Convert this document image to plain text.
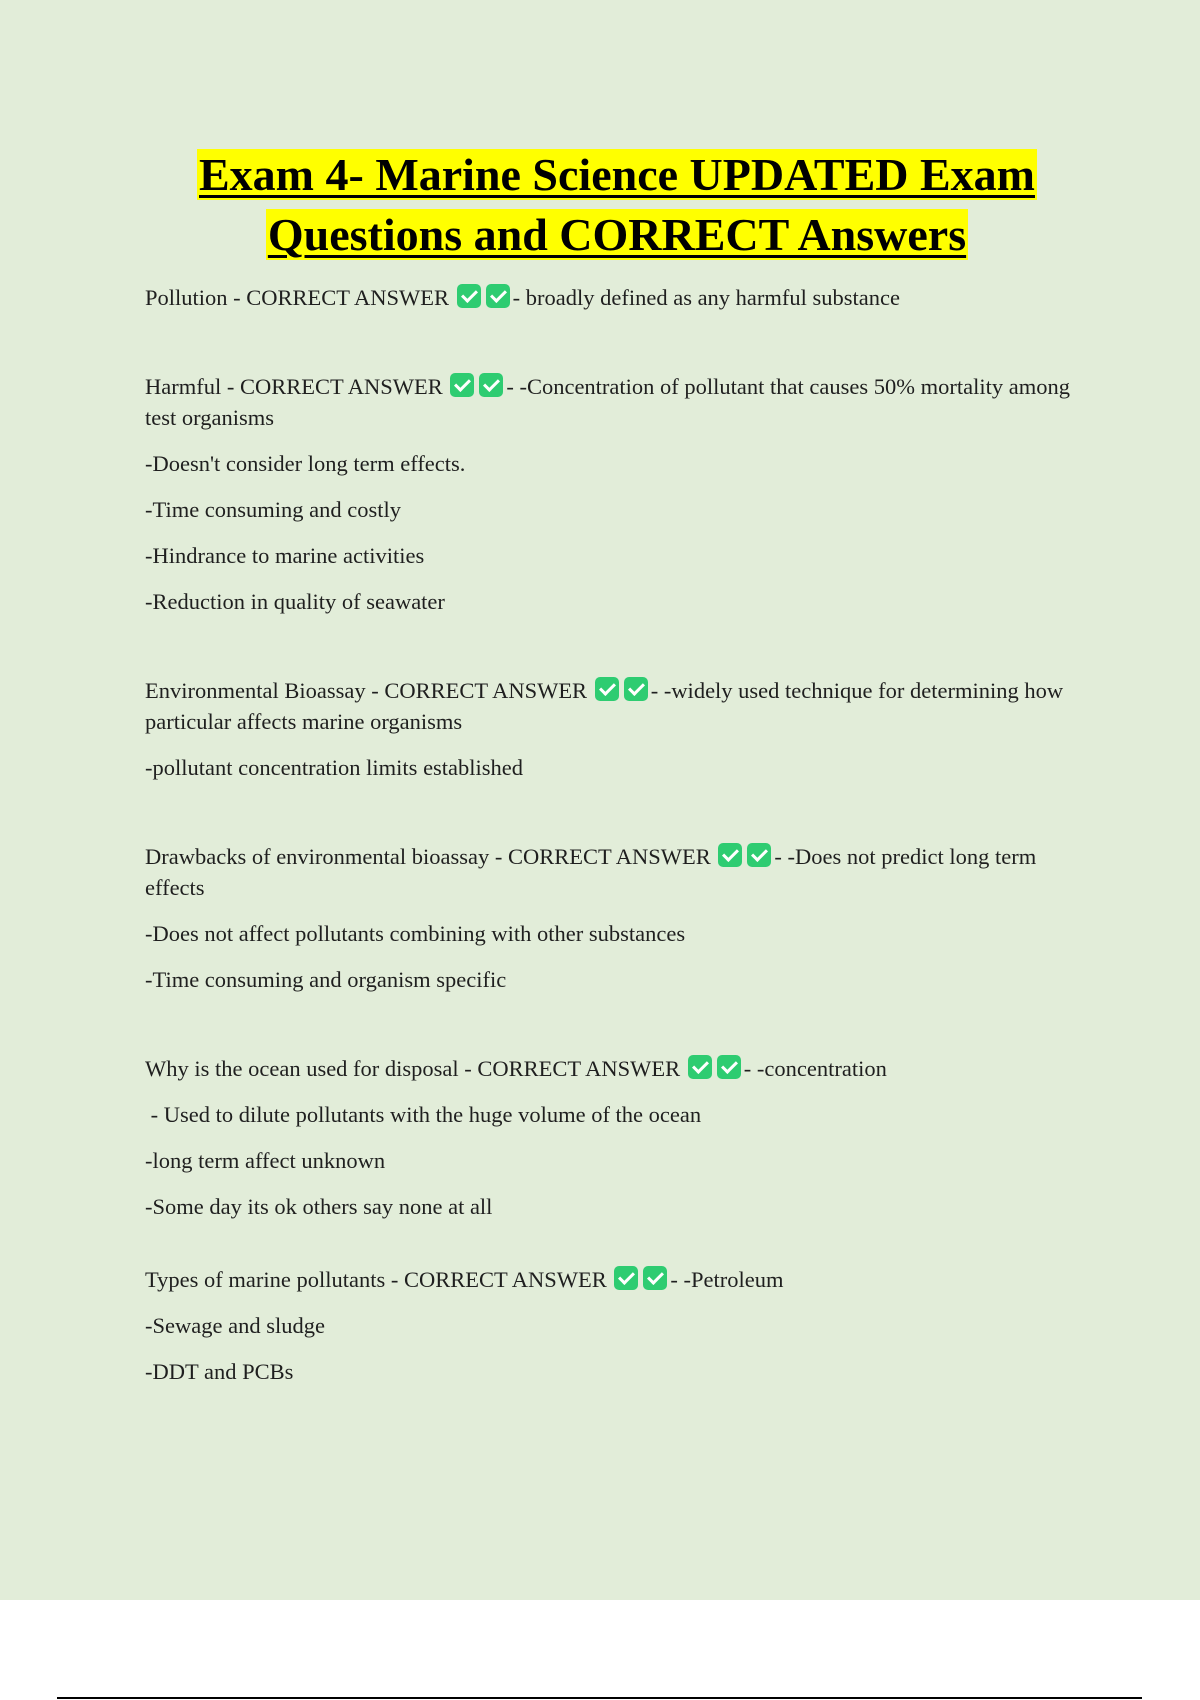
Exam 4- Marine Science UPDATED Exam
Questions and CORRECT Answers
Pollution - CORRECT ANSWER	- broadly defined as any harmful substance
Harmful - CORRECT ANSWER	- -Concentration of pollutant that causes 50% mortality among test organisms
-Doesn't consider long term effects.
-Time consuming and costly
-Hindrance to marine activities
-Reduction in quality of seawater
Environmental Bioassay - CORRECT ANSWER	- -widely used technique for determining how particular affects marine organisms
-pollutant concentration limits established
Drawbacks of environmental bioassay - CORRECT ANSWER	- -Does not predict long term effects
-Does not affect pollutants combining with other substances
-Time consuming and organism specific
Why is the ocean used for disposal - CORRECT ANSWER	- -concentration
- Used to dilute pollutants with the huge volume of the ocean
-long term affect unknown
-Some day its ok others say none at all
Types of marine pollutants - CORRECT ANSWER	- -Petroleum
-Sewage and sludge
-DDT and PCBs
